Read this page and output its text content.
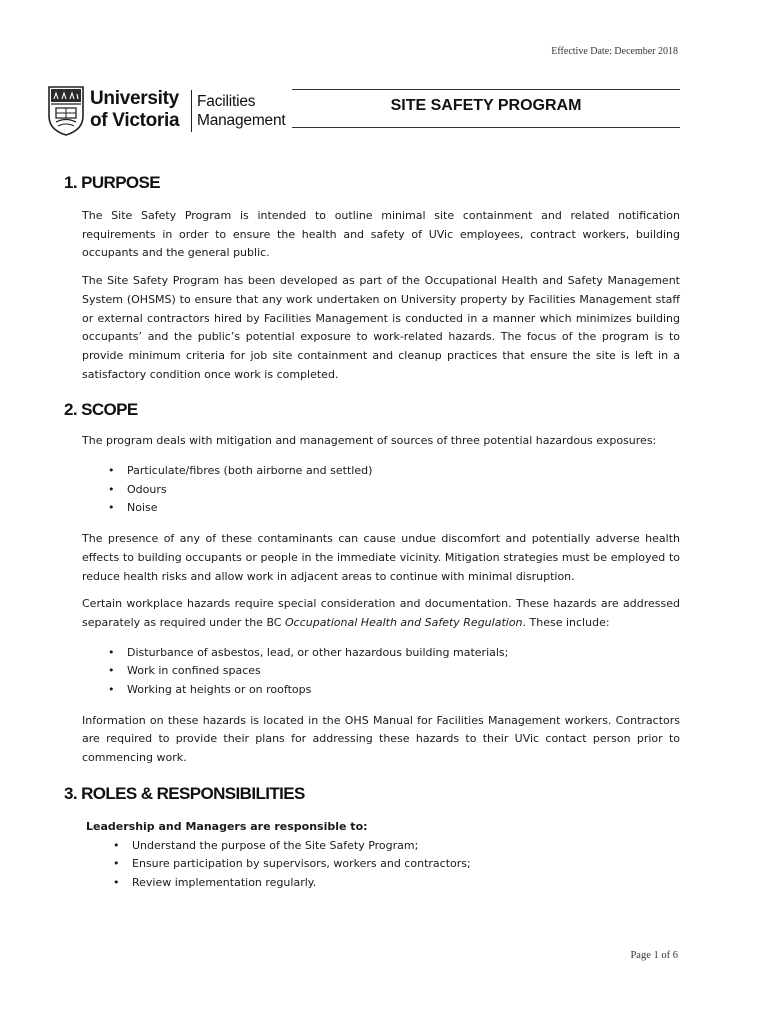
Effective Date: December 2018
University
of Victoria
Facilities
Management
SITE SAFETY PROGRAM
1. PURPOSE

The Site Safety Program is intended to outline minimal site containment and related notification requirements in order to ensure the health and safety of UVic employees, contract workers, building occupants and the general public.

The Site Safety Program has been developed as part of the Occupational Health and Safety Management System (OHSMS) to ensure that any work undertaken on University property by Facilities Management staff or external contractors hired by Facilities Management is conducted in a manner which minimizes building occupants’ and the public’s potential exposure to work-related hazards. The focus of the program is to provide minimum criteria for job site containment and cleanup practices that ensure the site is left in a satisfactory condition once work is completed.

2. SCOPE

The program deals with mitigation and management of sources of three potential hazardous exposures:

• Particulate/fibres (both airborne and settled)
• Odours
• Noise

The presence of any of these contaminants can cause undue discomfort and potentially adverse health effects to building occupants or people in the immediate vicinity. Mitigation strategies must be employed to reduce health risks and allow work in adjacent areas to continue with minimal disruption.

Certain workplace hazards require special consideration and documentation. These hazards are addressed separately as required under the BC Occupational Health and Safety Regulation. These include:

• Disturbance of asbestos, lead, or other hazardous building materials;
• Work in confined spaces
• Working at heights or on rooftops

Information on these hazards is located in the OHS Manual for Facilities Management workers. Contractors are required to provide their plans for addressing these hazards to their UVic contact person prior to commencing work.

3. ROLES & RESPONSIBILITIES

Leadership and Managers are responsible to:

• Understand the purpose of the Site Safety Program;
• Ensure participation by supervisors, workers and contractors;
• Review implementation regularly.
Page 1 of 6
